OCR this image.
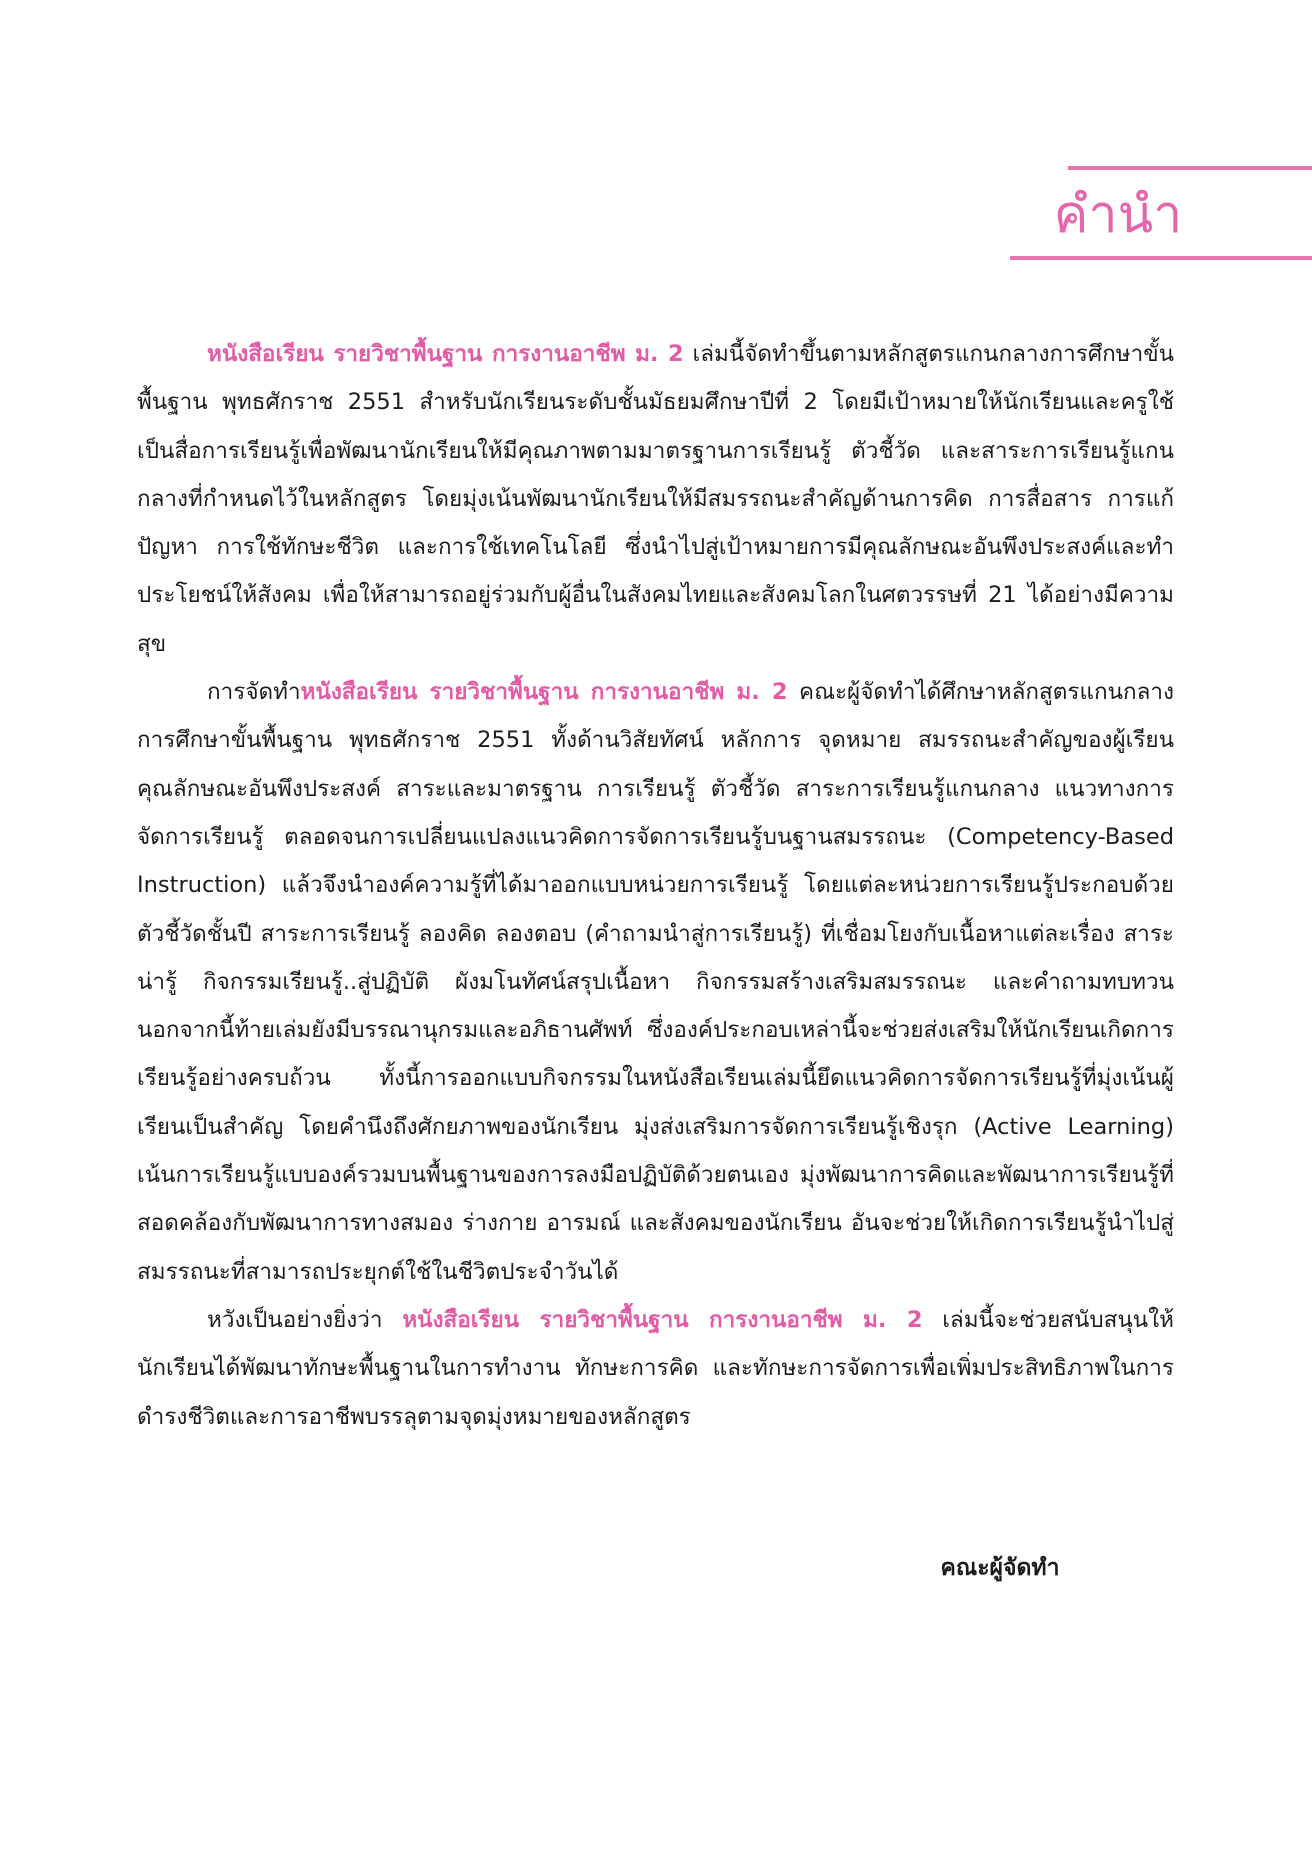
คำนำ

หนังสือเรียน รายวิชาพื้นฐาน การงานอาชีพ ม. 2 เล่มนี้จัดทำขึ้นตามหลักสูตรแกนกลางการศึกษาขั้นพื้นฐาน พุทธศักราช 2551 สำหรับนักเรียนระดับชั้นมัธยมศึกษาปีที่ 2 โดยมีเป้าหมายให้นักเรียนและครูใช้เป็นสื่อการเรียนรู้เพื่อพัฒนานักเรียนให้มีคุณภาพตามมาตรฐานการเรียนรู้ ตัวชี้วัด และสาระการเรียนรู้แกนกลางที่กำหนดไว้ในหลักสูตร โดยมุ่งเน้นพัฒนานักเรียนให้มีสมรรถนะสำคัญด้านการคิด การสื่อสาร การแก้ปัญหา การใช้ทักษะชีวิต และการใช้เทคโนโลยี ซึ่งนำไปสู่เป้าหมายการมีคุณลักษณะอันพึงประสงค์และทำประโยชน์ให้สังคม เพื่อให้สามารถอยู่ร่วมกับผู้อื่นในสังคมไทยและสังคมโลกในศตวรรษที่ 21 ได้อย่างมีความสุข

การจัดทำหนังสือเรียน รายวิชาพื้นฐาน การงานอาชีพ ม. 2 คณะผู้จัดทำได้ศึกษาหลักสูตรแกนกลางการศึกษาขั้นพื้นฐาน พุทธศักราช 2551 ทั้งด้านวิสัยทัศน์ หลักการ จุดหมาย สมรรถนะสำคัญของผู้เรียน คุณลักษณะอันพึงประสงค์ สาระและมาตรฐาน การเรียนรู้ ตัวชี้วัด สาระการเรียนรู้แกนกลาง แนวทางการจัดการเรียนรู้ ตลอดจนการเปลี่ยนแปลงแนวคิดการจัดการเรียนรู้บนฐานสมรรถนะ (Competency-Based Instruction) แล้วจึงนำองค์ความรู้ที่ได้มาออกแบบหน่วยการเรียนรู้ โดยแต่ละหน่วยการเรียนรู้ประกอบด้วยตัวชี้วัดชั้นปี สาระการเรียนรู้ ลองคิด ลองตอบ (คำถามนำสู่การเรียนรู้) ที่เชื่อมโยงกับเนื้อหาแต่ละเรื่อง สาระน่ารู้ กิจกรรมเรียนรู้..สู่ปฏิบัติ ผังมโนทัศน์สรุปเนื้อหา กิจกรรมสร้างเสริมสมรรถนะ และคำถามทบทวน นอกจากนี้ท้ายเล่มยังมีบรรณานุกรมและอภิธานศัพท์ ซึ่งองค์ประกอบเหล่านี้จะช่วยส่งเสริมให้นักเรียนเกิดการเรียนรู้อย่างครบถ้วน ทั้งนี้การออกแบบกิจกรรมในหนังสือเรียนเล่มนี้ยึดแนวคิดการจัดการเรียนรู้ที่มุ่งเน้นผู้เรียนเป็นสำคัญ โดยคำนึงถึงศักยภาพของนักเรียน มุ่งส่งเสริมการจัดการเรียนรู้เชิงรุก (Active Learning) เน้นการเรียนรู้แบบองค์รวมบนพื้นฐานของการลงมือปฏิบัติด้วยตนเอง มุ่งพัฒนาการคิดและพัฒนาการเรียนรู้ที่สอดคล้องกับพัฒนาการทางสมอง ร่างกาย อารมณ์ และสังคมของนักเรียน อันจะช่วยให้เกิดการเรียนรู้นำไปสู่สมรรถนะที่สามารถประยุกต์ใช้ในชีวิตประจำวันได้

หวังเป็นอย่างยิ่งว่า หนังสือเรียน รายวิชาพื้นฐาน การงานอาชีพ ม. 2 เล่มนี้จะช่วยสนับสนุนให้นักเรียนได้พัฒนาทักษะพื้นฐานในการทำงาน ทักษะการคิด และทักษะการจัดการเพื่อเพิ่มประสิทธิภาพในการดำรงชีวิตและการอาชีพบรรลุตามจุดมุ่งหมายของหลักสูตร

คณะผู้จัดทำ
